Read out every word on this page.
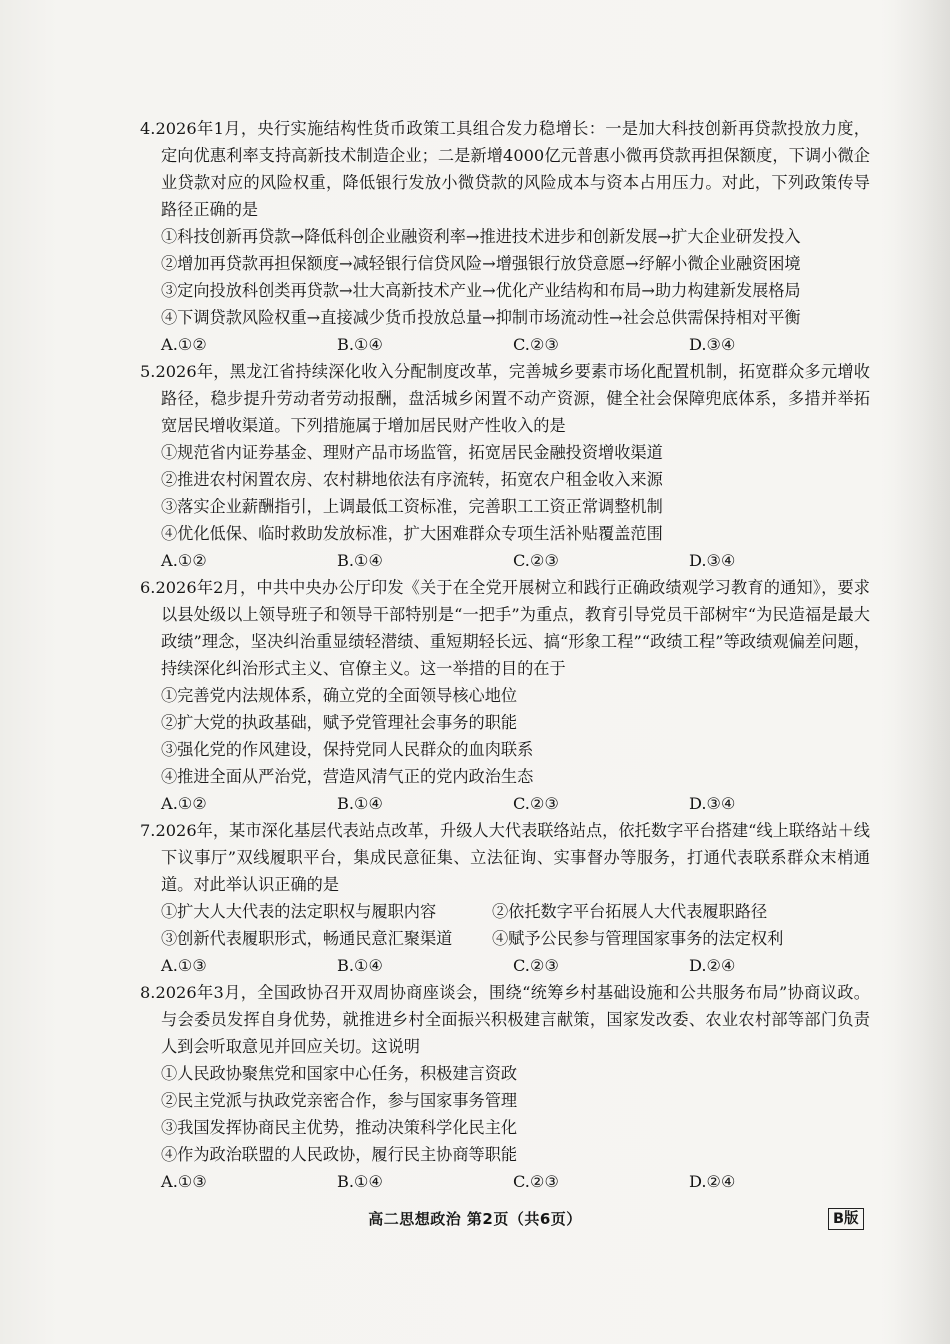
4.2026年1月，央行实施结构性货币政策工具组合发力稳增长：一是加大科技创新再贷款投放力度，定向优惠利率支持高新技术制造企业；二是新增4000亿元普惠小微再贷款再担保额度，下调小微企业贷款对应的风险权重，降低银行发放小微贷款的风险成本与资本占用压力。对此，下列政策传导路径正确的是

①科技创新再贷款→降低科创企业融资利率→推进技术进步和创新发展→扩大企业研发投入

②增加再贷款再担保额度→减轻银行信贷风险→增强银行放贷意愿→纾解小微企业融资困境

③定向投放科创类再贷款→壮大高新技术产业→优化产业结构和布局→助力构建新发展格局

④下调贷款风险权重→直接减少货币投放总量→抑制市场流动性→社会总供需保持相对平衡

A.①②	B.①④	C.②③	D.③④

5.2026年，黑龙江省持续深化收入分配制度改革，完善城乡要素市场化配置机制，拓宽群众多元增收路径，稳步提升劳动者劳动报酬，盘活城乡闲置不动产资源，健全社会保障兜底体系，多措并举拓宽居民增收渠道。下列措施属于增加居民财产性收入的是

①规范省内证券基金、理财产品市场监管，拓宽居民金融投资增收渠道

②推进农村闲置农房、农村耕地依法有序流转，拓宽农户租金收入来源

③落实企业薪酬指引，上调最低工资标准，完善职工工资正常调整机制

④优化低保、临时救助发放标准，扩大困难群众专项生活补贴覆盖范围

A.①②	B.①④	C.②③	D.③④

6.2026年2月，中共中央办公厅印发《关于在全党开展树立和践行正确政绩观学习教育的通知》，要求以县处级以上领导班子和领导干部特别是“一把手”为重点，教育引导党员干部树牢“为民造福是最大政绩”理念，坚决纠治重显绩轻潜绩、重短期轻长远、搞“形象工程”“政绩工程”等政绩观偏差问题，持续深化纠治形式主义、官僚主义。这一举措的目的在于

①完善党内法规体系，确立党的全面领导核心地位

②扩大党的执政基础，赋予党管理社会事务的职能

③强化党的作风建设，保持党同人民群众的血肉联系

④推进全面从严治党，营造风清气正的党内政治生态

A.①②	B.①④	C.②③	D.③④

7.2026年，某市深化基层代表站点改革，升级人大代表联络站点，依托数字平台搭建“线上联络站＋线下议事厅”双线履职平台，集成民意征集、立法征询、实事督办等服务，打通代表联系群众末梢通道。对此举认识正确的是

①扩大人大代表的法定职权与履职内容	②依托数字平台拓展人大代表履职路径
③创新代表履职形式，畅通民意汇聚渠道	④赋予公民参与管理国家事务的法定权利
A.①③	B.①④	C.②③	D.②④

8.2026年3月，全国政协召开双周协商座谈会，围绕“统筹乡村基础设施和公共服务布局”协商议政。与会委员发挥自身优势，就推进乡村全面振兴积极建言献策，国家发改委、农业农村部等部门负责人到会听取意见并回应关切。这说明

①人民政协聚焦党和国家中心任务，积极建言资政

②民主党派与执政党亲密合作，参与国家事务管理

③我国发挥协商民主优势，推动决策科学化民主化

④作为政治联盟的人民政协，履行民主协商等职能

A.①③	B.①④	C.②③	D.②④
高二思想政治 第2页（共6页）	B版
